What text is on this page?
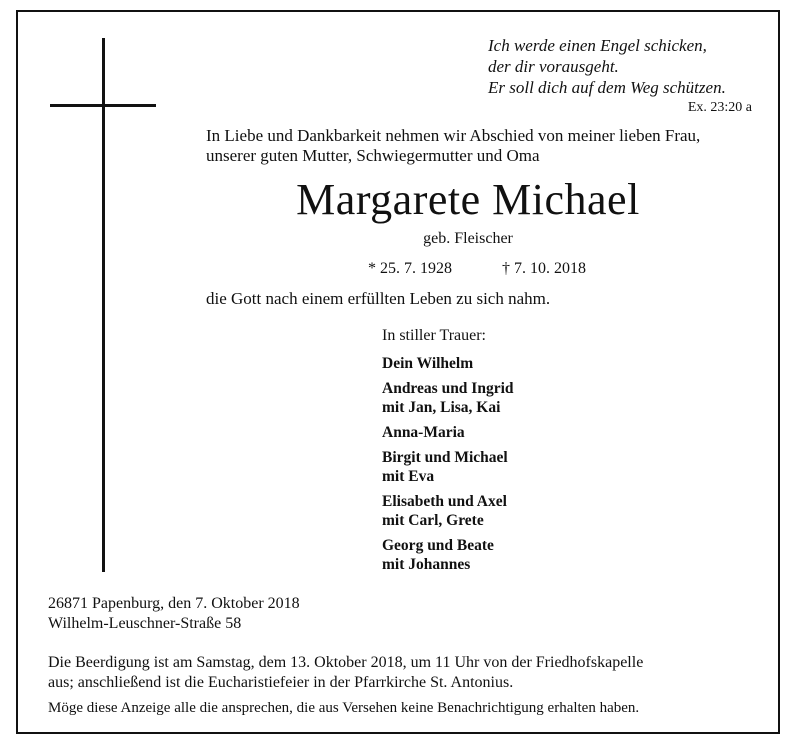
Ich werde einen Engel schicken,
der dir vorausgeht.
Er soll dich auf dem Weg schützen.
Ex. 23:20 a
In Liebe und Dankbarkeit nehmen wir Abschied von meiner lieben Frau,
unserer guten Mutter, Schwiegermutter und Oma
Margarete Michael
geb. Fleischer
* 25. 7. 1928	† 7. 10. 2018
die Gott nach einem erfüllten Leben zu sich nahm.
In stiller Trauer:
Dein Wilhelm
Andreas und Ingrid
mit Jan, Lisa, Kai
Anna-Maria
Birgit und Michael
mit Eva
Elisabeth und Axel
mit Carl, Grete
Georg und Beate
mit Johannes
26871 Papenburg, den 7. Oktober 2018
Wilhelm-Leuschner-Straße 58
Die Beerdigung ist am Samstag, dem 13. Oktober 2018, um 11 Uhr von der Friedhofskapelle
aus; anschließend ist die Eucharistiefeier in der Pfarrkirche St. Antonius.
Möge diese Anzeige alle die ansprechen, die aus Versehen keine Benachrichtigung erhalten haben.
